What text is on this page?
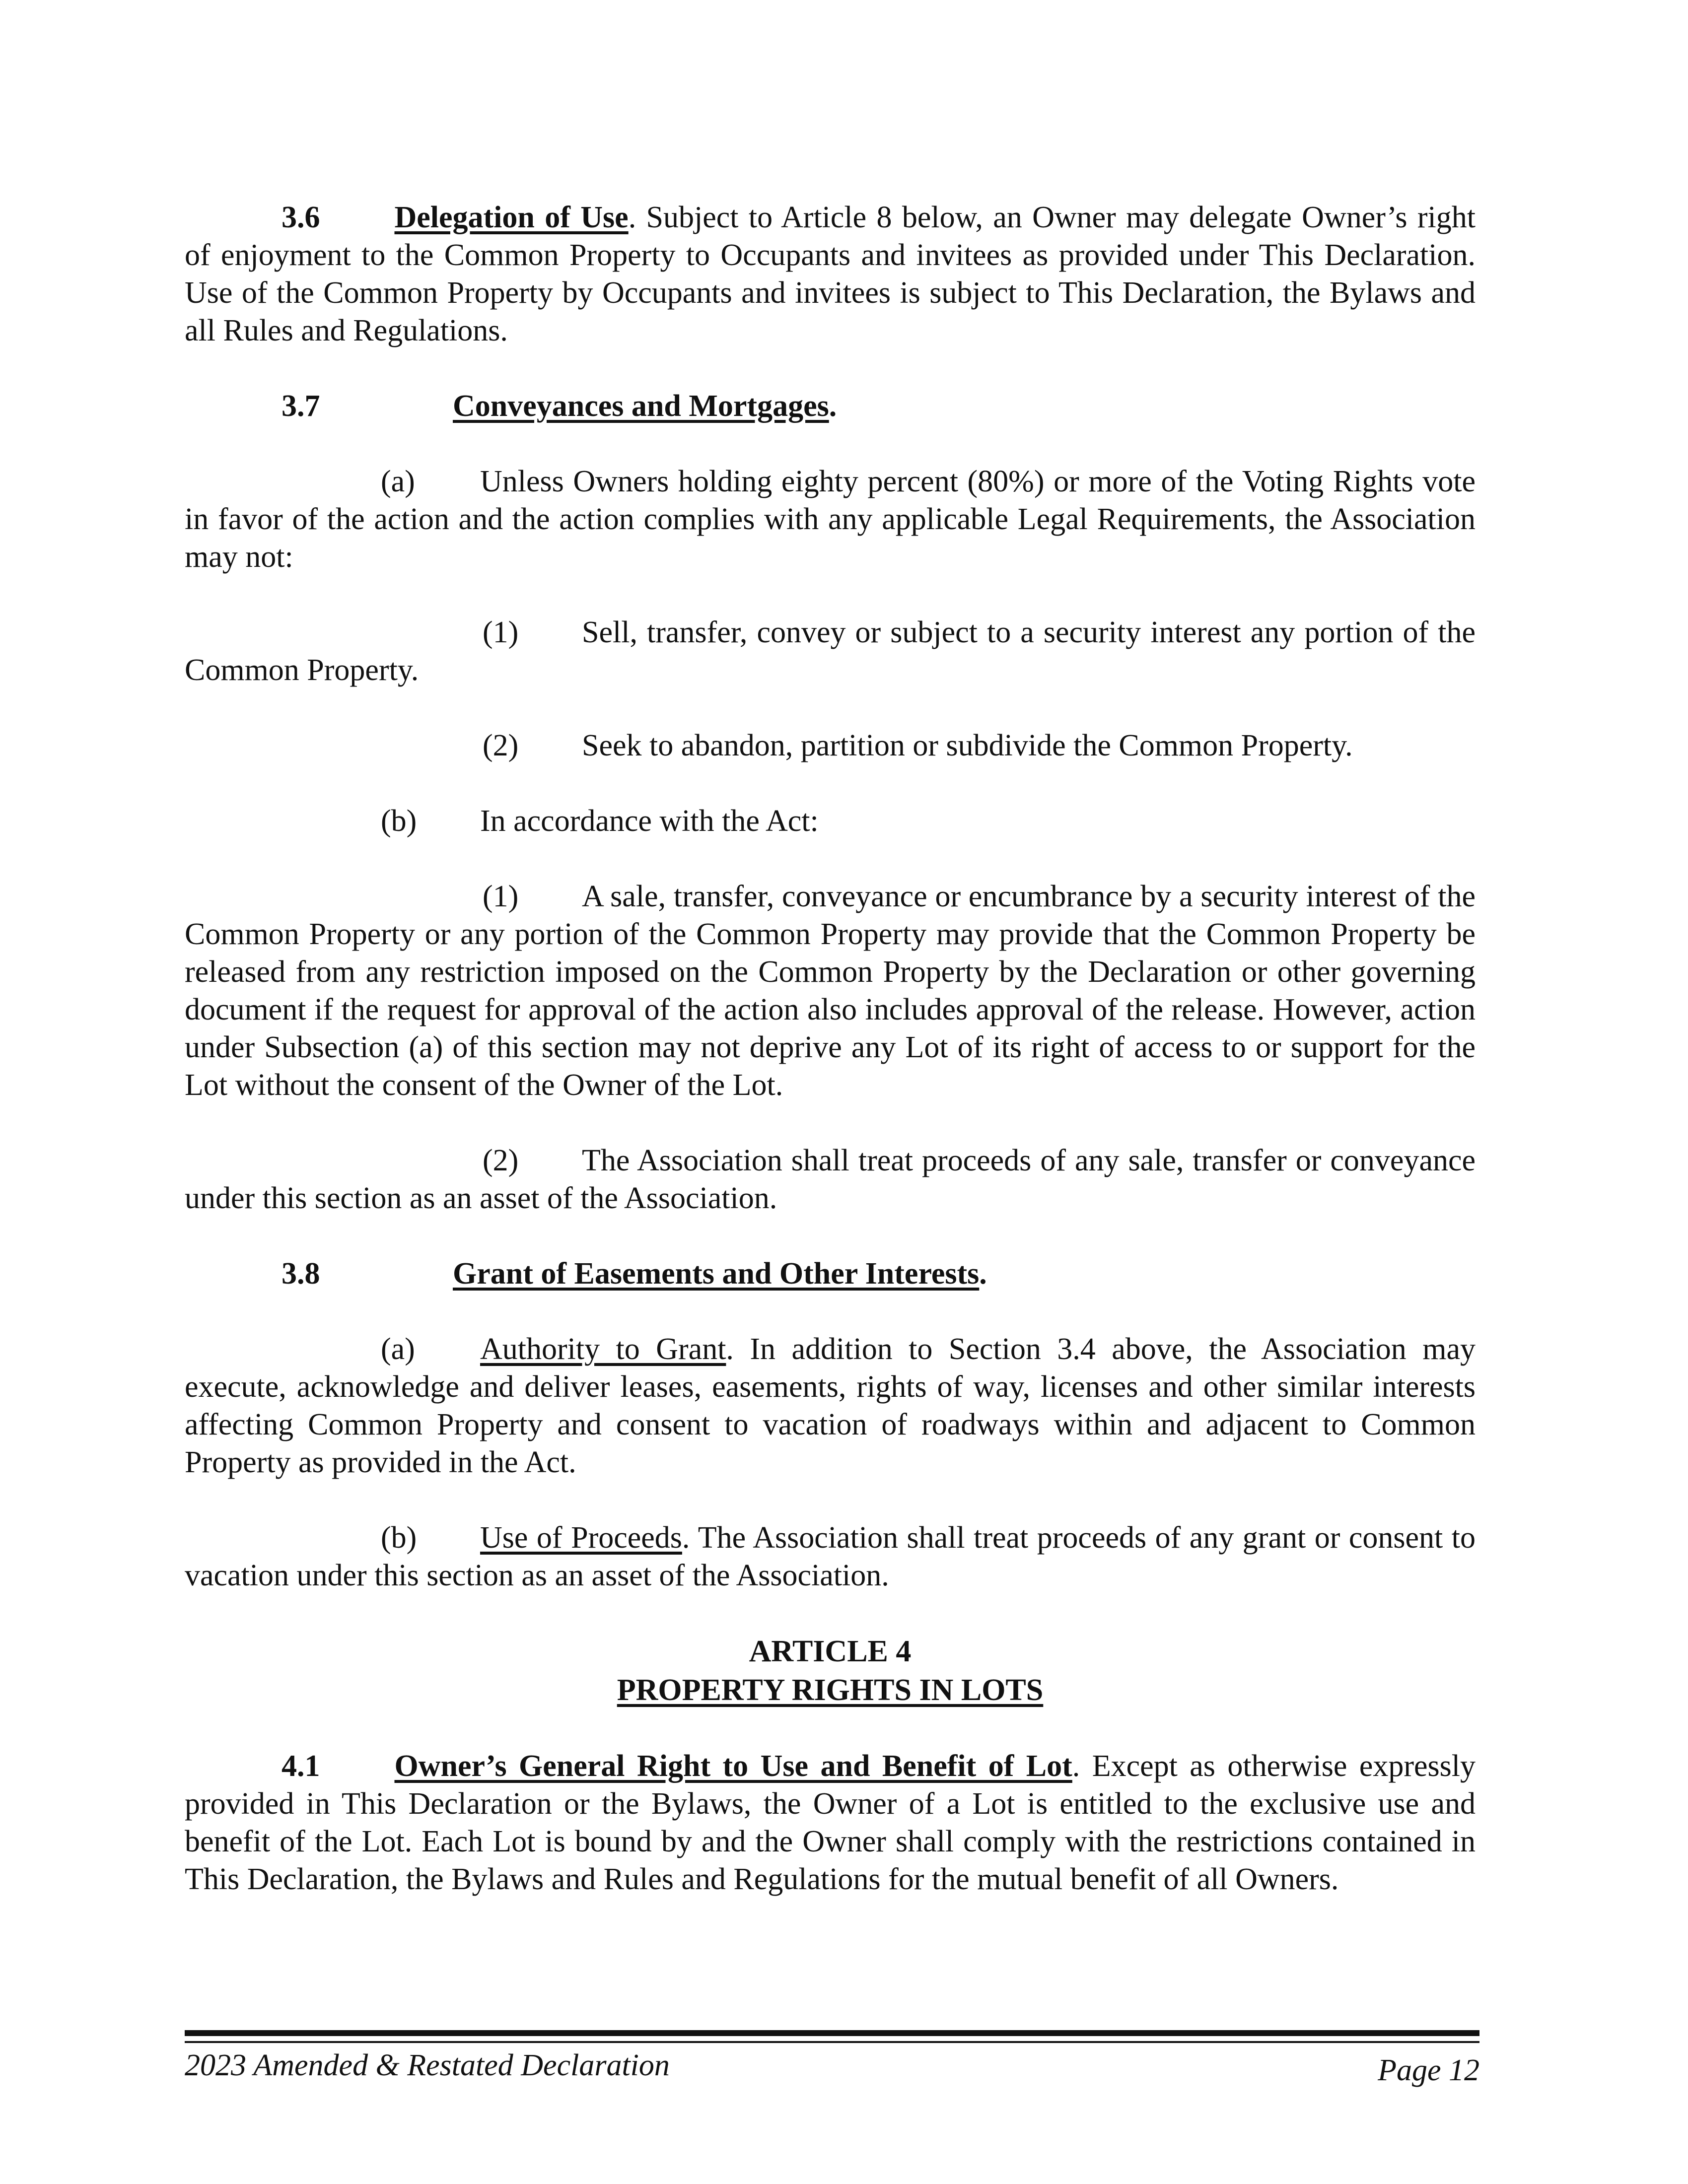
3.6 Delegation of Use. Subject to Article 8 below, an Owner may delegate Owner’s right of enjoyment to the Common Property to Occupants and invitees as provided under This Declaration. Use of the Common Property by Occupants and invitees is subject to This Declaration, the Bylaws and all Rules and Regulations.

3.7	Conveyances and Mortgages .

(a) Unless Owners holding eighty percent (80%) or more of the Voting Rights vote in favor of the action and the action complies with any applicable Legal Requirements, the Association may not:

(1) Sell, transfer, convey or subject to a security interest any portion of the Common Property.

(2)	Seek to abandon, partition or subdivide the Common Property.
(b)	In accordance with the Act:

(1) A sale, transfer, conveyance or encumbrance by a security interest of the Common Property or any portion of the Common Property may provide that the Common Property be released from any restriction imposed on the Common Property by the Declaration or other governing document if the request for approval of the action also includes approval of the release. However, action under Subsection (a) of this section may not deprive any Lot of its right of access to or support for the Lot without the consent of the Owner of the Lot.

(2) The Association shall treat proceeds of any sale, transfer or conveyance under this section as an asset of the Association.

3.8	Grant of Easements and Other Interests .

(a) Authority to Grant. In addition to Section 3.4 above, the Association may execute, acknowledge and deliver leases, easements, rights of way, licenses and other similar interests affecting Common Property and consent to vacation of roadways within and adjacent to Common Property as provided in the Act.

(b) Use of Proceeds. The Association shall treat proceeds of any grant or consent to vacation under this section as an asset of the Association.

ARTICLE 4
PROPERTY RIGHTS IN LOTS

4.1 Owner’s General Right to Use and Benefit of Lot. Except as otherwise expressly provided in This Declaration or the Bylaws, the Owner of a Lot is entitled to the exclusive use and benefit of the Lot. Each Lot is bound by and the Owner shall comply with the restrictions contained in This Declaration, the Bylaws and Rules and Regulations for the mutual benefit of all Owners.

2023 Amended & Restated Declaration	Page 12
